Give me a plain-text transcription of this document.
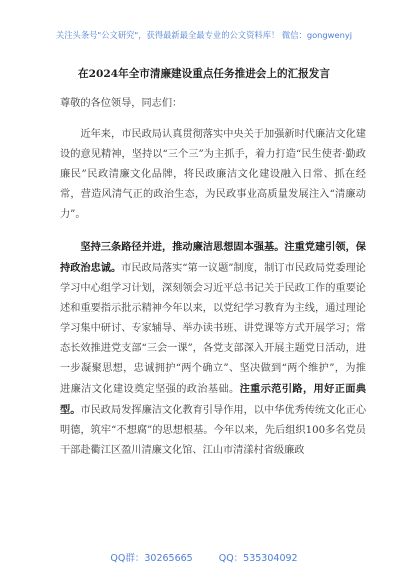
关注头条号"公文研究"，获得最新最全最专业的公文资料库！ 微信：gongwenyj
在2024年全市清廉建设重点任务推进会上的汇报发言

尊敬的各位领导，同志们：

近年来，市民政局认真贯彻落实中央关于加强新时代廉洁文化建设的意见精神，坚持以“三个三”为主抓手，着力打造“民生使者·勤政廉民”民政清廉文化品牌，将民政廉洁文化建设融入日常、抓在经常，营造风清气正的政治生态，为民政事业高质量发展注入“清廉动力”。

坚持三条路径并进，推动廉洁思想固本强基。注重党建引领，保持政治忠诚。市民政局落实“第一议题”制度，制订市民政局党委理论学习中心组学习计划，深刻领会习近平总书记关于民政工作的重要论述和重要指示批示精神今年以来，以党纪学习教育为主线，通过理论学习集中研讨、专家辅导、举办读书班、讲党课等方式开展学习；常态长效推进党支部“三会一课”，各党支部深入开展主题党日活动，进一步凝聚思想，忠诚拥护“两个确立”、坚决做到“两个维护”，为推进廉洁文化建设奠定坚强的政治基础。注重示范引路，用好正面典型。市民政局发挥廉洁文化教育引导作用，以中华优秀传统文化正心明德，筑牢“不想腐”的思想根基。今年以来，先后组织100多名党员干部赴衢江区盈川清廉文化馆、江山市清漾村省级廉政

QQ群：30265665	QQ：535304092
